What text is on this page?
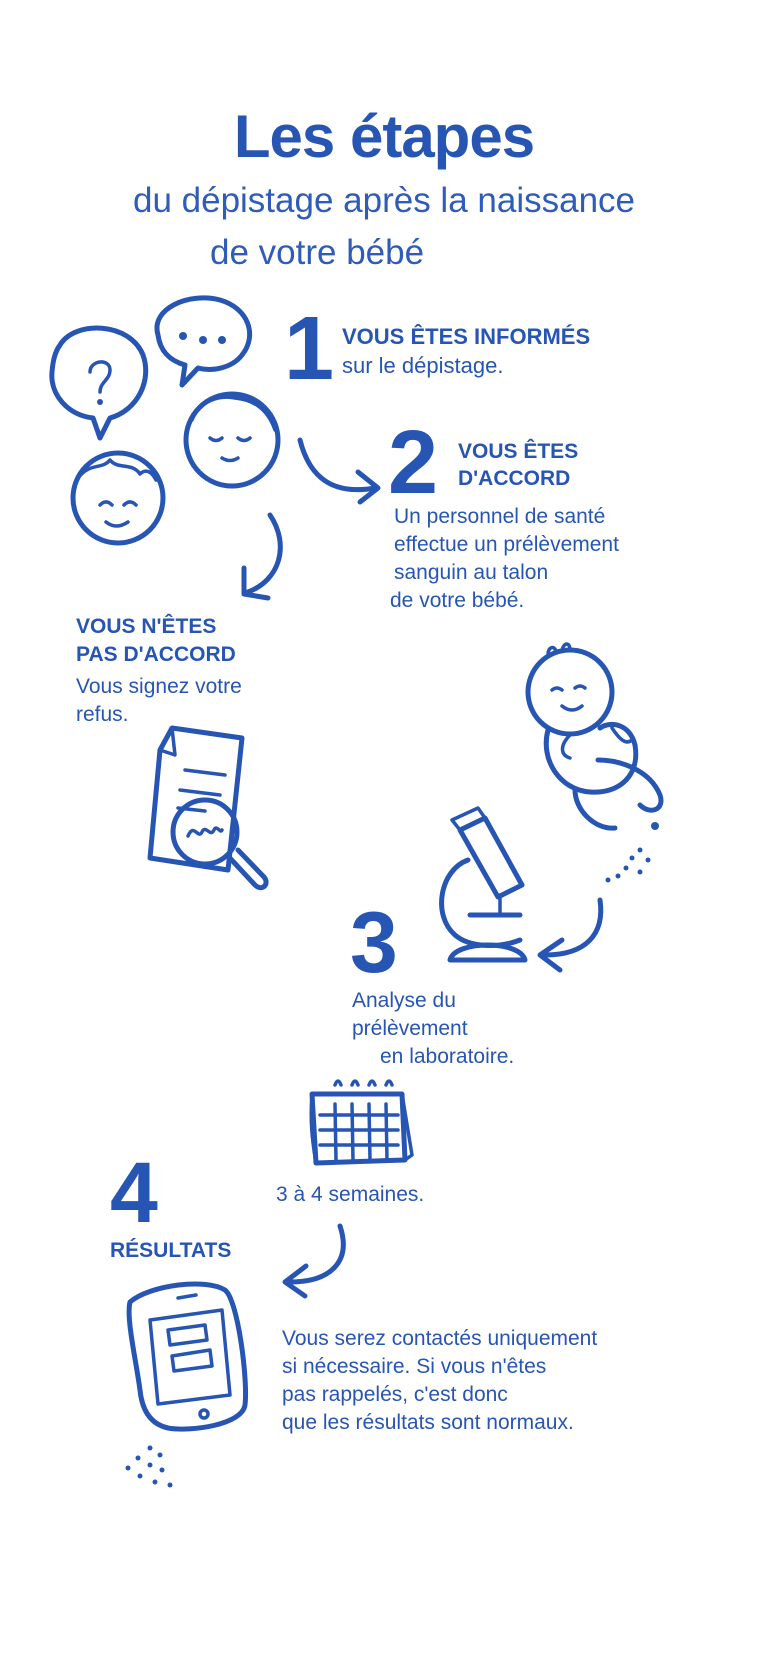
Les étapes
du dépistage après la naissance
de votre bébé
1 VOUS ÊTES INFORMÉS
sur le dépistage.
2 VOUS ÊTES
D'ACCORD
Un personnel de santé
effectue un prélèvement
sanguin au talon
de votre bébé.
VOUS N'ÊTES
PAS D'ACCORD
Vous signez votre
refus.
3
Analyse du
prélèvement
en laboratoire.
4
RÉSULTATS
3 à 4 semaines.
Vous serez contactés uniquement
si nécessaire. Si vous n'êtes
pas rappelés, c'est donc
que les résultats sont normaux.
